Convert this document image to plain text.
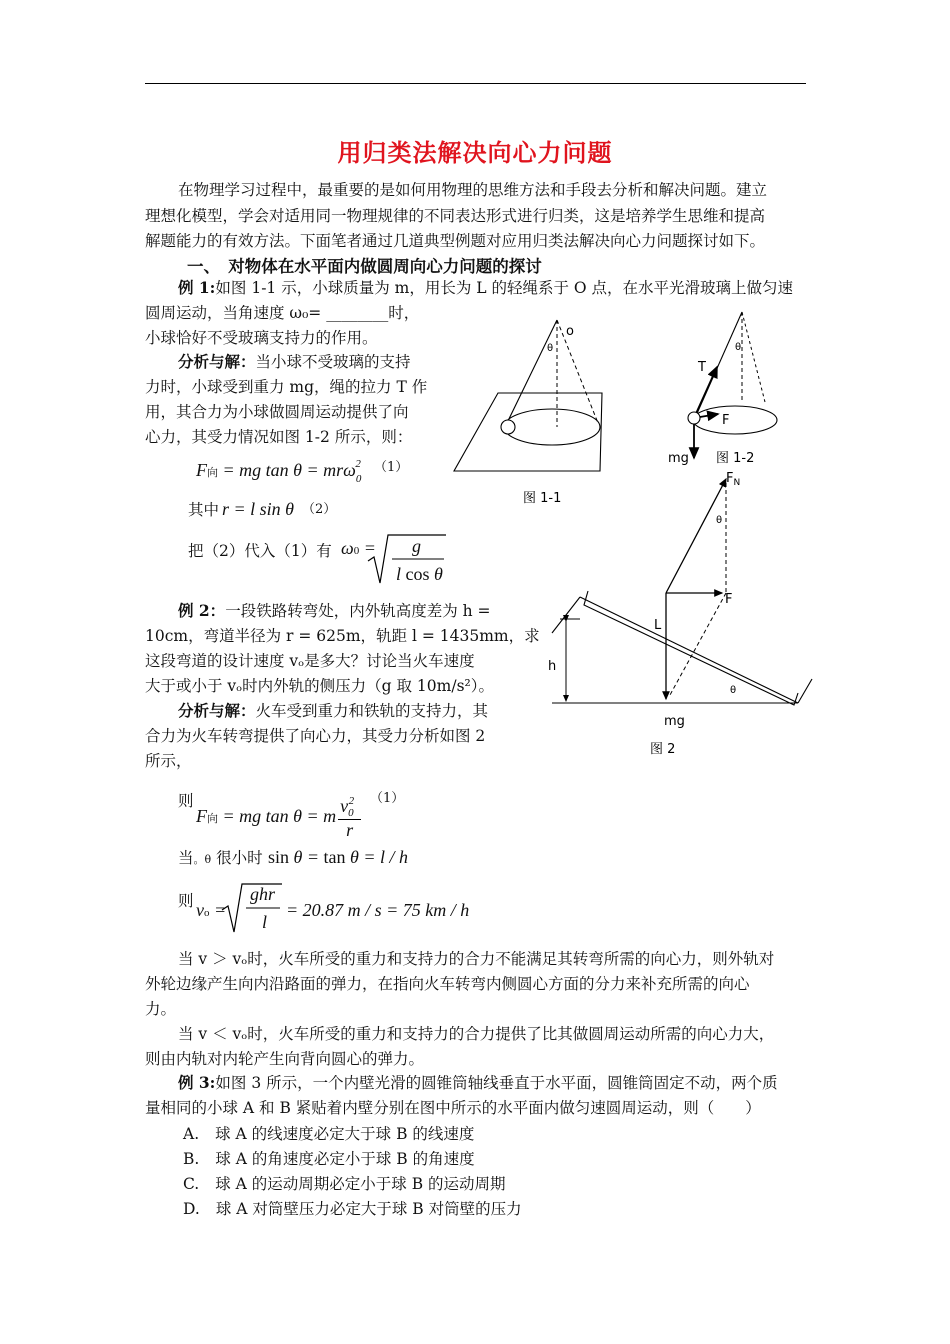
用归类法解决向心力问题
在物理学习过程中，最重要的是如何用物理的思维方法和手段去分析和解决问题。建立
理想化模型，学会对适用同一物理规律的不同表达形式进行归类，这是培养学生思维和提高
解题能力的有效方法。下面笔者通过几道典型例题对应用归类法解决向心力问题探讨如下。
一、　对物体在水平面内做圆周向心力问题的探讨
例 1:如图 1-1 示，小球质量为 m，用长为 L 的轻绳系于 O 点，在水平光滑玻璃上做匀速
圆周运动，当角速度 ω₀= ________时，
小球恰好不受玻璃支持力的作用。
分析与解：当小球不受玻璃的支持
力时，小球受到重力 mg，绳的拉力 T 作
用，其合力为小球做圆周运动提供了向
心力，其受力情况如图 1-2 所示，则：
F向 = mg tan θ = mrω$_0^2$	（1）
其中 r = l sin θ （2）
把（2）代入（1）有 ω0 = g
l cos θ
例 2：一段铁路转弯处，内外轨高度差为 h =
10cm，弯道半径为 r = 625m，轨距 l = 1435mm，求
这段弯道的设计速度 vₒ是多大？讨论当火车速度
大于或小于 vₒ时内外轨的侧压力（g 取 10m/s²）。
分析与解：火车受到重力和铁轨的支持力，其
合力为火车转弯提供了向心力，其受力分析如图 2
所示，
则
F向 = mg tan θ = m $\frac{v_0^2}{r} (1)$
当。θ 很小时 sin θ = tan θ = l / h
则 vo =
ghr
l
= 20.87 m / s = 75 km / h
当 v ＞ vₒ时，火车所受的重力和支持力的合力不能满足其转弯所需的向心力，则外轨对
外轮边缘产生向内沿路面的弹力，在指向火车转弯内侧圆心方面的分力来补充所需的向心
力。
当 v ＜ vₒ时，火车所受的重力和支持力的合力提供了比其做圆周运动所需的向心力大，
则由内轨对内轮产生向背向圆心的弹力。
例 3:如图 3 所示，一个内壁光滑的圆锥筒轴线垂直于水平面，圆锥筒固定不动，两个质
量相同的小球 A 和 B 紧贴着内壁分别在图中所示的水平面内做匀速圆周运动，则（　　）
A. 球 A 的线速度必定大于球 B 的线速度
B. 球 A 的角速度必定小于球 B 的角速度
C. 球 A 的运动周期必定小于球 B 的运动周期
D. 球 A 对筒壁压力必定大于球 B 对筒壁的压力
o
θ
图 1-1
T
F
mg
θ
图 1-2
$F_N$
θ
F
L
h
θ
mg
图 2
